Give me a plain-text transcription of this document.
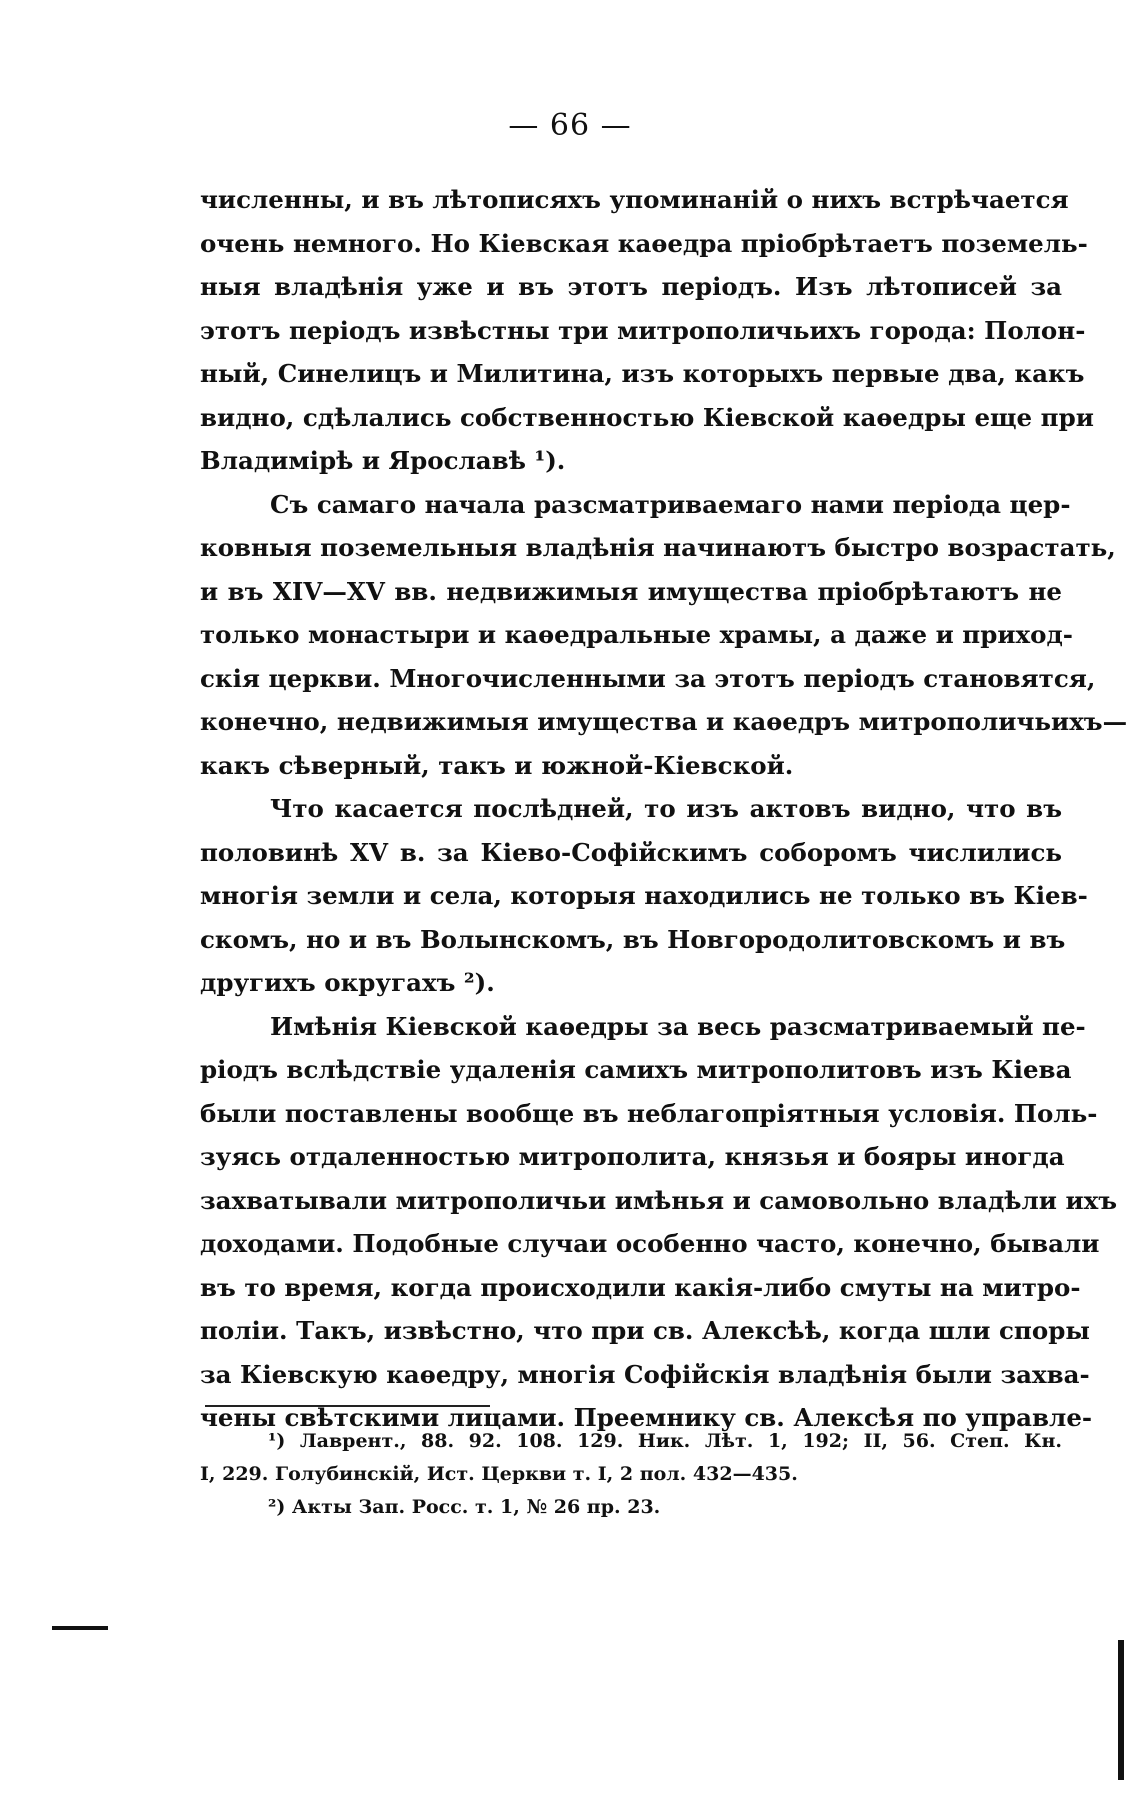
— 66 —
численны, и въ лѣтописяхъ упоминаній о нихъ встрѣчается
очень немного. Но Кіевская каѳедра пріобрѣтаетъ поземель-
ныя владѣнія уже и въ этотъ періодъ. Изъ лѣтописей за
этотъ періодъ извѣстны три митрополичьихъ города: Полон-
ный, Синелицъ и Милитина, изъ которыхъ первые два, какъ
видно, сдѣлались собственностью Кіевской каѳедры еще при
Владимірѣ и Ярославѣ ¹).
Съ самаго начала разсматриваемаго нами періода цер-
ковныя поземельныя владѣнія начинаютъ быстро возрастать,
и въ XIV—XV вв. недвижимыя имущества пріобрѣтаютъ не
только монастыри и каѳедральные храмы, а даже и приход-
скія церкви. Многочисленными за этотъ періодъ становятся,
конечно, недвижимыя имущества и каѳедръ митрополичьихъ—
какъ сѣверный, такъ и южной-Кіевской.
Что касается послѣдней, то изъ актовъ видно, что въ
половинѣ XV в. за Кіево-Софійскимъ соборомъ числились
многія земли и села, которыя находились не только въ Кіев-
скомъ, но и въ Волынскомъ, въ Новгородолитовскомъ и въ
другихъ округахъ ²).
Имѣнія Кіевской каѳедры за весь разсматриваемый пе-
ріодъ вслѣдствіе удаленія самихъ митрополитовъ изъ Кіева
были поставлены вообще въ неблагопріятныя условія. Поль-
зуясь отдаленностью митрополита, князья и бояры иногда
захватывали митрополичьи имѣнья и самовольно владѣли ихъ
доходами. Подобные случаи особенно часто, конечно, бывали
въ то время, когда происходили какія-либо смуты на митро-
поліи. Такъ, извѣстно, что при св. Алексѣѣ, когда шли споры
за Кіевскую каѳедру, многія Софійскія владѣнія были захва-
чены свѣтскими лицами. Преемнику св. Алексѣя по управле-
¹) Лаврент., 88. 92. 108. 129. Ник. Лѣт. 1, 192; II, 56. Степ. Кн.
I, 229. Голубинскій, Ист. Церкви т. I, 2 пол. 432—435.
²) Акты Зап. Росс. т. 1, № 26 пр. 23.
